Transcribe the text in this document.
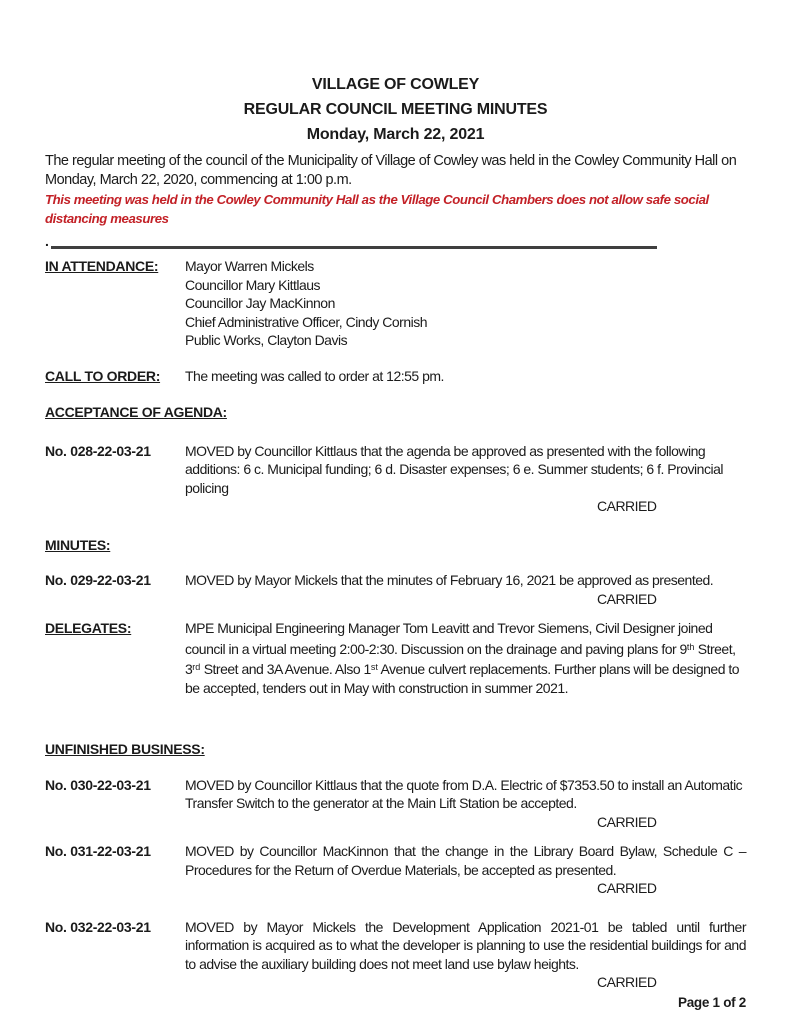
VILLAGE OF COWLEY
REGULAR COUNCIL MEETING MINUTES
Monday, March 22, 2021

The regular meeting of the council of the Municipality of Village of Cowley was held in the Cowley Community Hall on Monday, March 22, 2020, commencing at 1:00 p.m.

This meeting was held in the Cowley Community Hall as the Village Council Chambers does not allow safe social distancing measures

.
IN ATTENDANCE:	Mayor Warren Mickels
Councillor Mary Kittlaus
Councillor Jay MacKinnon
Chief Administrative Officer, Cindy Cornish
Public Works, Clayton Davis
CALL TO ORDER:	The meeting was called to order at 12:55 pm.
ACCEPTANCE OF AGENDA:
No. 028-22-03-21	MOVED by Councillor Kittlaus that the agenda be approved as presented with the following additions: 6 c. Municipal funding; 6 d. Disaster expenses; 6 e. Summer students; 6 f. Provincial policing

CARRIED
MINUTES:
No. 029-22-03-21	MOVED by Mayor Mickels that the minutes of February 16, 2021 be approved as presented.

CARRIED
DELEGATES:	MPE Municipal Engineering Manager Tom Leavitt and Trevor Siemens, Civil Designer joined council in a virtual meeting 2:00-2:30. Discussion on the drainage and paving plans for 9th Street, 3rd Street and 3A Avenue. Also 1st Avenue culvert replacements. Further plans will be designed to be accepted, tenders out in May with construction in summer 2021.

UNFINISHED BUSINESS:
No. 030-22-03-21	MOVED by Councillor Kittlaus that the quote from D.A. Electric of $7353.50 to install an Automatic Transfer Switch to the generator at the Main Lift Station be accepted.

CARRIED
No. 031-22-03-21	MOVED by Councillor MacKinnon that the change in the Library Board Bylaw, Schedule C – Procedures for the Return of Overdue Materials, be accepted as presented.

CARRIED
No. 032-22-03-21	MOVED by Mayor Mickels the Development Application 2021-01 be tabled until further information is acquired as to what the developer is planning to use the residential buildings for and to advise the auxiliary building does not meet land use bylaw heights.

CARRIED
Page 1 of 2
